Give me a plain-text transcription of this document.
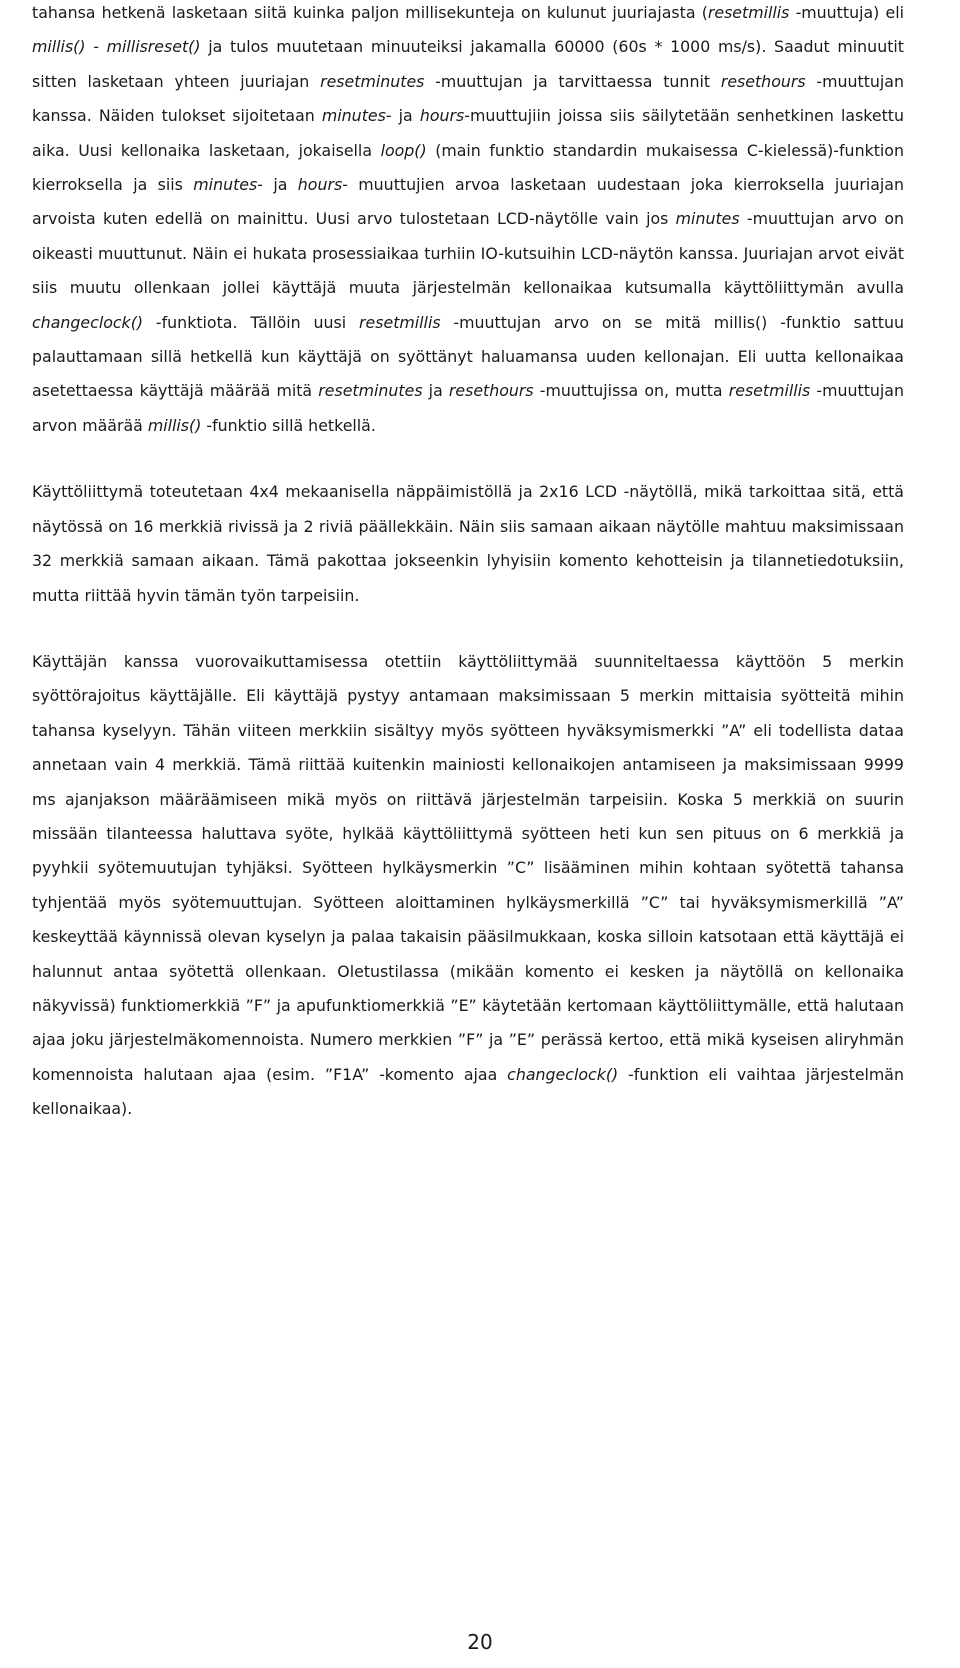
tahansa hetkenä lasketaan siitä kuinka paljon millisekunteja on kulunut juuriajasta (resetmillis -muuttuja) eli millis() - millisreset() ja tulos muutetaan minuuteiksi jakamalla 60000 (60s * 1000 ms/s). Saadut minuutit sitten lasketaan yhteen juuriajan resetminutes -muuttujan ja tarvittaessa tunnit resethours -muuttujan kanssa. Näiden tulokset sijoitetaan minutes- ja hours-muuttujiin joissa siis säilytetään senhetkinen laskettu aika. Uusi kellonaika lasketaan, jokaisella loop() (main funktio standardin mukaisessa C-kielessä)-funktion kierroksella ja siis minutes- ja hours- muuttujien arvoa lasketaan uudestaan joka kierroksella juuriajan arvoista kuten edellä on mainittu. Uusi arvo tulostetaan LCD-näytölle vain jos minutes -muuttujan arvo on oikeasti muuttunut. Näin ei hukata prosessiaikaa turhiin IO-kutsuihin LCD-näytön kanssa. Juuriajan arvot eivät siis muutu ollenkaan jollei käyttäjä muuta järjestelmän kellonaikaa kutsumalla käyttöliittymän avulla changeclock() -funktiota. Tällöin uusi resetmillis -muuttujan arvo on se mitä millis() -funktio sattuu palauttamaan sillä hetkellä kun käyttäjä on syöttänyt haluamansa uuden kellonajan. Eli uutta kellonaikaa asetettaessa käyttäjä määrää mitä resetminutes ja resethours -muuttujissa on, mutta resetmillis -muuttujan arvon määrää millis() -funktio sillä hetkellä.

Käyttöliittymä toteutetaan 4x4 mekaanisella näppäimistöllä ja 2x16 LCD -näytöllä, mikä tarkoittaa sitä, että näytössä on 16 merkkiä rivissä ja 2 riviä päällekkäin. Näin siis samaan aikaan näytölle mahtuu maksimissaan 32 merkkiä samaan aikaan. Tämä pakottaa jokseenkin lyhyisiin komento kehotteisin ja tilannetiedotuksiin, mutta riittää hyvin tämän työn tarpeisiin.

Käyttäjän kanssa vuorovaikuttamisessa otettiin käyttöliittymää suunniteltaessa käyttöön 5 merkin syöttörajoitus käyttäjälle. Eli käyttäjä pystyy antamaan maksimissaan 5 merkin mittaisia syötteitä mihin tahansa kyselyyn. Tähän viiteen merkkiin sisältyy myös syötteen hyväksymismerkki ”A” eli todellista dataa annetaan vain 4 merkkiä. Tämä riittää kuitenkin mainiosti kellonaikojen antamiseen ja maksimissaan 9999 ms ajanjakson määräämiseen mikä myös on riittävä järjestelmän tarpeisiin. Koska 5 merkkiä on suurin missään tilanteessa haluttava syöte, hylkää käyttöliittymä syötteen heti kun sen pituus on 6 merkkiä ja pyyhkii syötemuutujan tyhjäksi. Syötteen hylkäysmerkin ”C” lisääminen mihin kohtaan syötettä tahansa tyhjentää myös syötemuuttujan. Syötteen aloittaminen hylkäysmerkillä ”C” tai hyväksymismerkillä ”A” keskeyttää käynnissä olevan kyselyn ja palaa takaisin pääsilmukkaan, koska silloin katsotaan että käyttäjä ei halunnut antaa syötettä ollenkaan. Oletustilassa (mikään komento ei kesken ja näytöllä on kellonaika näkyvissä) funktiomerkkiä ”F” ja apufunktiomerkkiä ”E” käytetään kertomaan käyttöliittymälle, että halutaan ajaa joku järjestelmäkomennoista. Numero merkkien ”F” ja ”E” perässä kertoo, että mikä kyseisen aliryhmän komennoista halutaan ajaa (esim. ”F1A” -komento ajaa changeclock() -funktion eli vaihtaa järjestelmän kellonaikaa).

20
